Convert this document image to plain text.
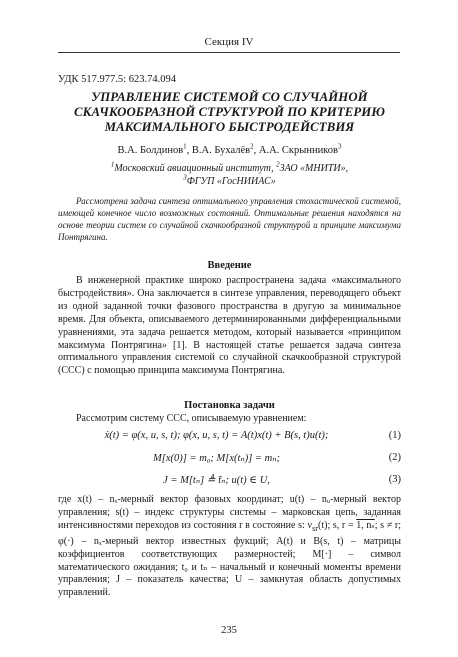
Секция IV
УДК 517.977.5: 623.74.094
УПРАВЛЕНИЕ СИСТЕМОЙ СО СЛУЧАЙНОЙ
СКАЧКООБРАЗНОЙ СТРУКТУРОЙ ПО КРИТЕРИЮ
МАКСИМАЛЬНОГО БЫСТРОДЕЙСТВИЯ
В.А. Болдинов$^1$, В.А. Бухалёв$^2$, А.А. Скрынников$^3$
$^1$Московский авиационный институт, $^2$ЗАО «МНИТИ»,
$^3$ФГУП «ГосНИИАС»
Рассмотрена задача синтеза оптимального управления стохастической системой, имеющей конечное число возможных состояний. Оптимальные решения находятся на основе теории систем со случайной скачкообразной структурой и принципе максимума Понтрягина.
Введение
В инженерной практике широко распространена задача «максимального быстродействия». Она заключается в синтезе управления, переводящего объект из одной заданной точки фазового пространства в другую за минимальное время. Для объекта, описываемого детерминированными дифференциальными уравнениями, эта задача решается методом, который называется «принципом максимума Понтрягина» [1]. В настоящей статье решается задача синтеза оптимального управления системой со случайной скачкообразной структурой (ССС) с помощью принципа максимума Понтрягина.
Постановка задачи
Рассмотрим систему ССС, описываемую уравнением:
ẋ(t) = φ(x, u, s, t); φ(x, u, s, t) = A(t)x(t) + B(s, t)u(t);	(1)
M[x(0)] = m₀; M[x(tₙ)] = mₙ;	(2)
J = M[tₙ] ≜ t̄ₙ; u(t) ∈ U,	(3)
где x(t) – nₓ-мерный вектор фазовых координат; u(t) – nᵤ-мерный вектор управления; s(t) – индекс структуры системы – марковская цепь, заданная интенсивностями переходов из состояния r в состояние s: $\nu_{sr}(t)$; s, r = 1, nₛ; s ≠ r; φ(·) – nₓ-мерный вектор известных фукций; A(t) и B(s, t) – матрицы коэффициентов соответствующих размерностей; M[·] – символ математического ожидания; t₀ и tₙ – начальный и конечный моменты времени управления; J – показатель качества; U – замкнутая область допустимых управлений.
235
